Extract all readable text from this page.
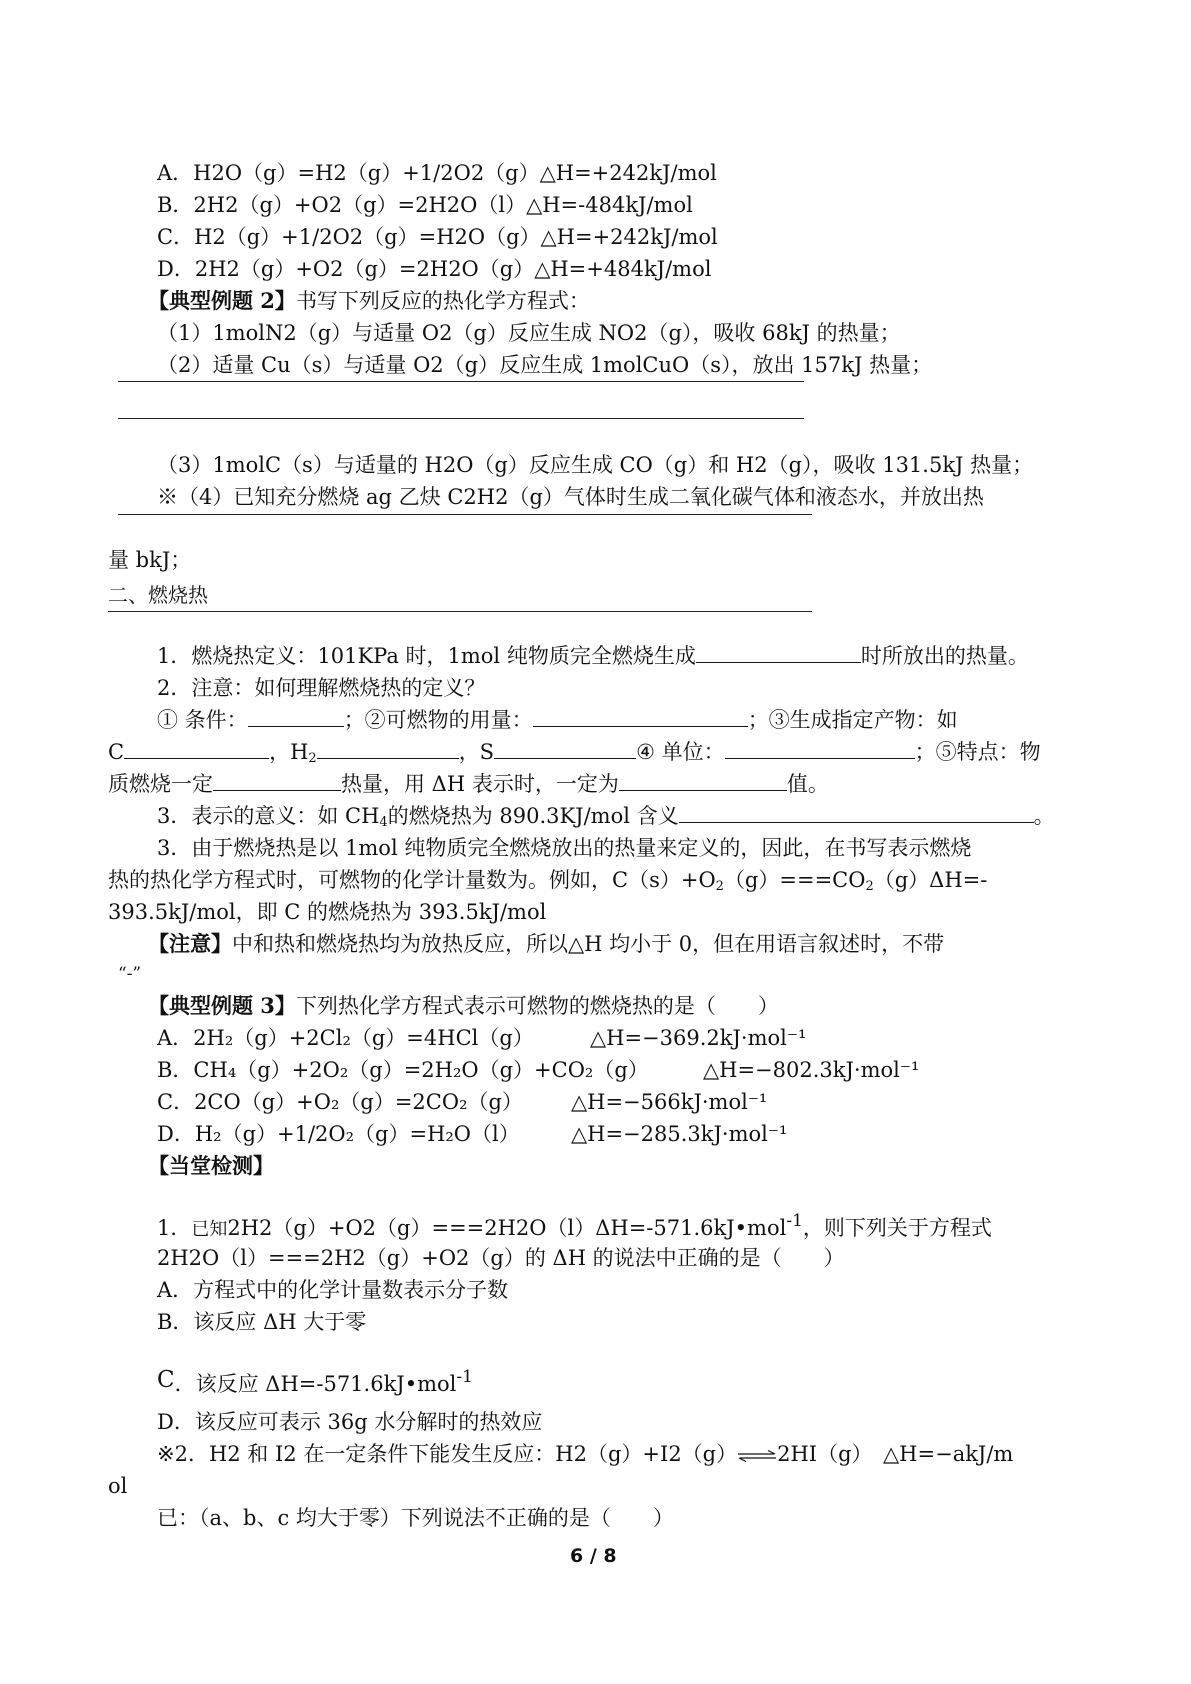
A．H2O（g）=H2（g）+1/2O2（g）△H=+242kJ/mol
B．2H2（g）+O2（g）=2H2O（l）△H=-484kJ/mol
C．H2（g）+1/2O2（g）=H2O（g）△H=+242kJ/mol
D．2H2（g）+O2（g）=2H2O（g）△H=+484kJ/mol
【典型例题 2】书写下列反应的热化学方程式：
（1）1molN2（g）与适量 O2（g）反应生成 NO2（g），吸收 68kJ 的热量；
（2）适量 Cu（s）与适量 O2（g）反应生成 1molCuO（s），放出 157kJ 热量；
（3）1molC（s）与适量的 H2O（g）反应生成 CO（g）和 H2（g），吸收 131.5kJ 热量；
※（4）已知充分燃烧 ag 乙炔 C2H2（g）气体时生成二氧化碳气体和液态水，并放出热
量 bkJ；
二、燃烧热
1．燃烧热定义：101KPa 时，1mol 纯物质完全燃烧生成	时所放出的热量。
2．注意：如何理解燃烧热的定义？
① 条件：	；②可燃物的用量：	；③生成指定产物：如
C	，$H_2$	，S	④ 单位：	；⑤特点：物
质燃烧一定	热量，用 ΔH 表示时，一定为	值。
3．表示的意义：如 $CH_4$的燃烧热为 890.3KJ/mol 含义	。
3．由于燃烧热是以 1mol 纯物质完全燃烧放出的热量来定义的，因此，在书写表示燃烧
热的热化学方程式时，可燃物的化学计量数为。例如，$C(s)+O_2(g)===CO_2(g)\Delta H=-$
393.5kJ/mol，即 C 的燃烧热为 393.5kJ/mol
【注意】中和热和燃烧热均为放热反应，所以△H 均小于 0，但在用语言叙述时，不带
“-”
【典型例题 3】下列热化学方程式表示可燃物的燃烧热的是（　　）
A．2H₂（g）+2Cl₂（g）=4HCl（g）	△H=−369.2kJ·mol⁻¹
B．CH₄（g）+2O₂（g）=2H₂O（g）+CO₂（g）	△H=−802.3kJ·mol⁻¹
C．2CO（g）+O₂（g）=2CO₂（g） △H=−566kJ·mol⁻¹
D．H₂（g）+1/2O₂（g）=H₂O（l） △H=−285.3kJ·mol⁻¹
【当堂检测】
1．已知2H2（g）+O2（g）===2H2O（l）ΔH=-571.6kJ•mol$^{-1}$，则下列关于方程式
2H2O（l）===2H2（g）+O2（g）的 ΔH 的说法中正确的是（　　）
A．方程式中的化学计量数表示分子数
B．该反应 ΔH 大于零
C．该反应 ΔH=-571.6kJ•mol$^{-1}$
D．该反应可表示 36g 水分解时的热效应
※2．H2 和 I2 在一定条件下能发生反应：H2（g）+I2（g）⇌2HI（g）　△H=−akJ/m
ol
已：（a、b、c 均大于零）下列说法不正确的是（　　）
6 / 8
